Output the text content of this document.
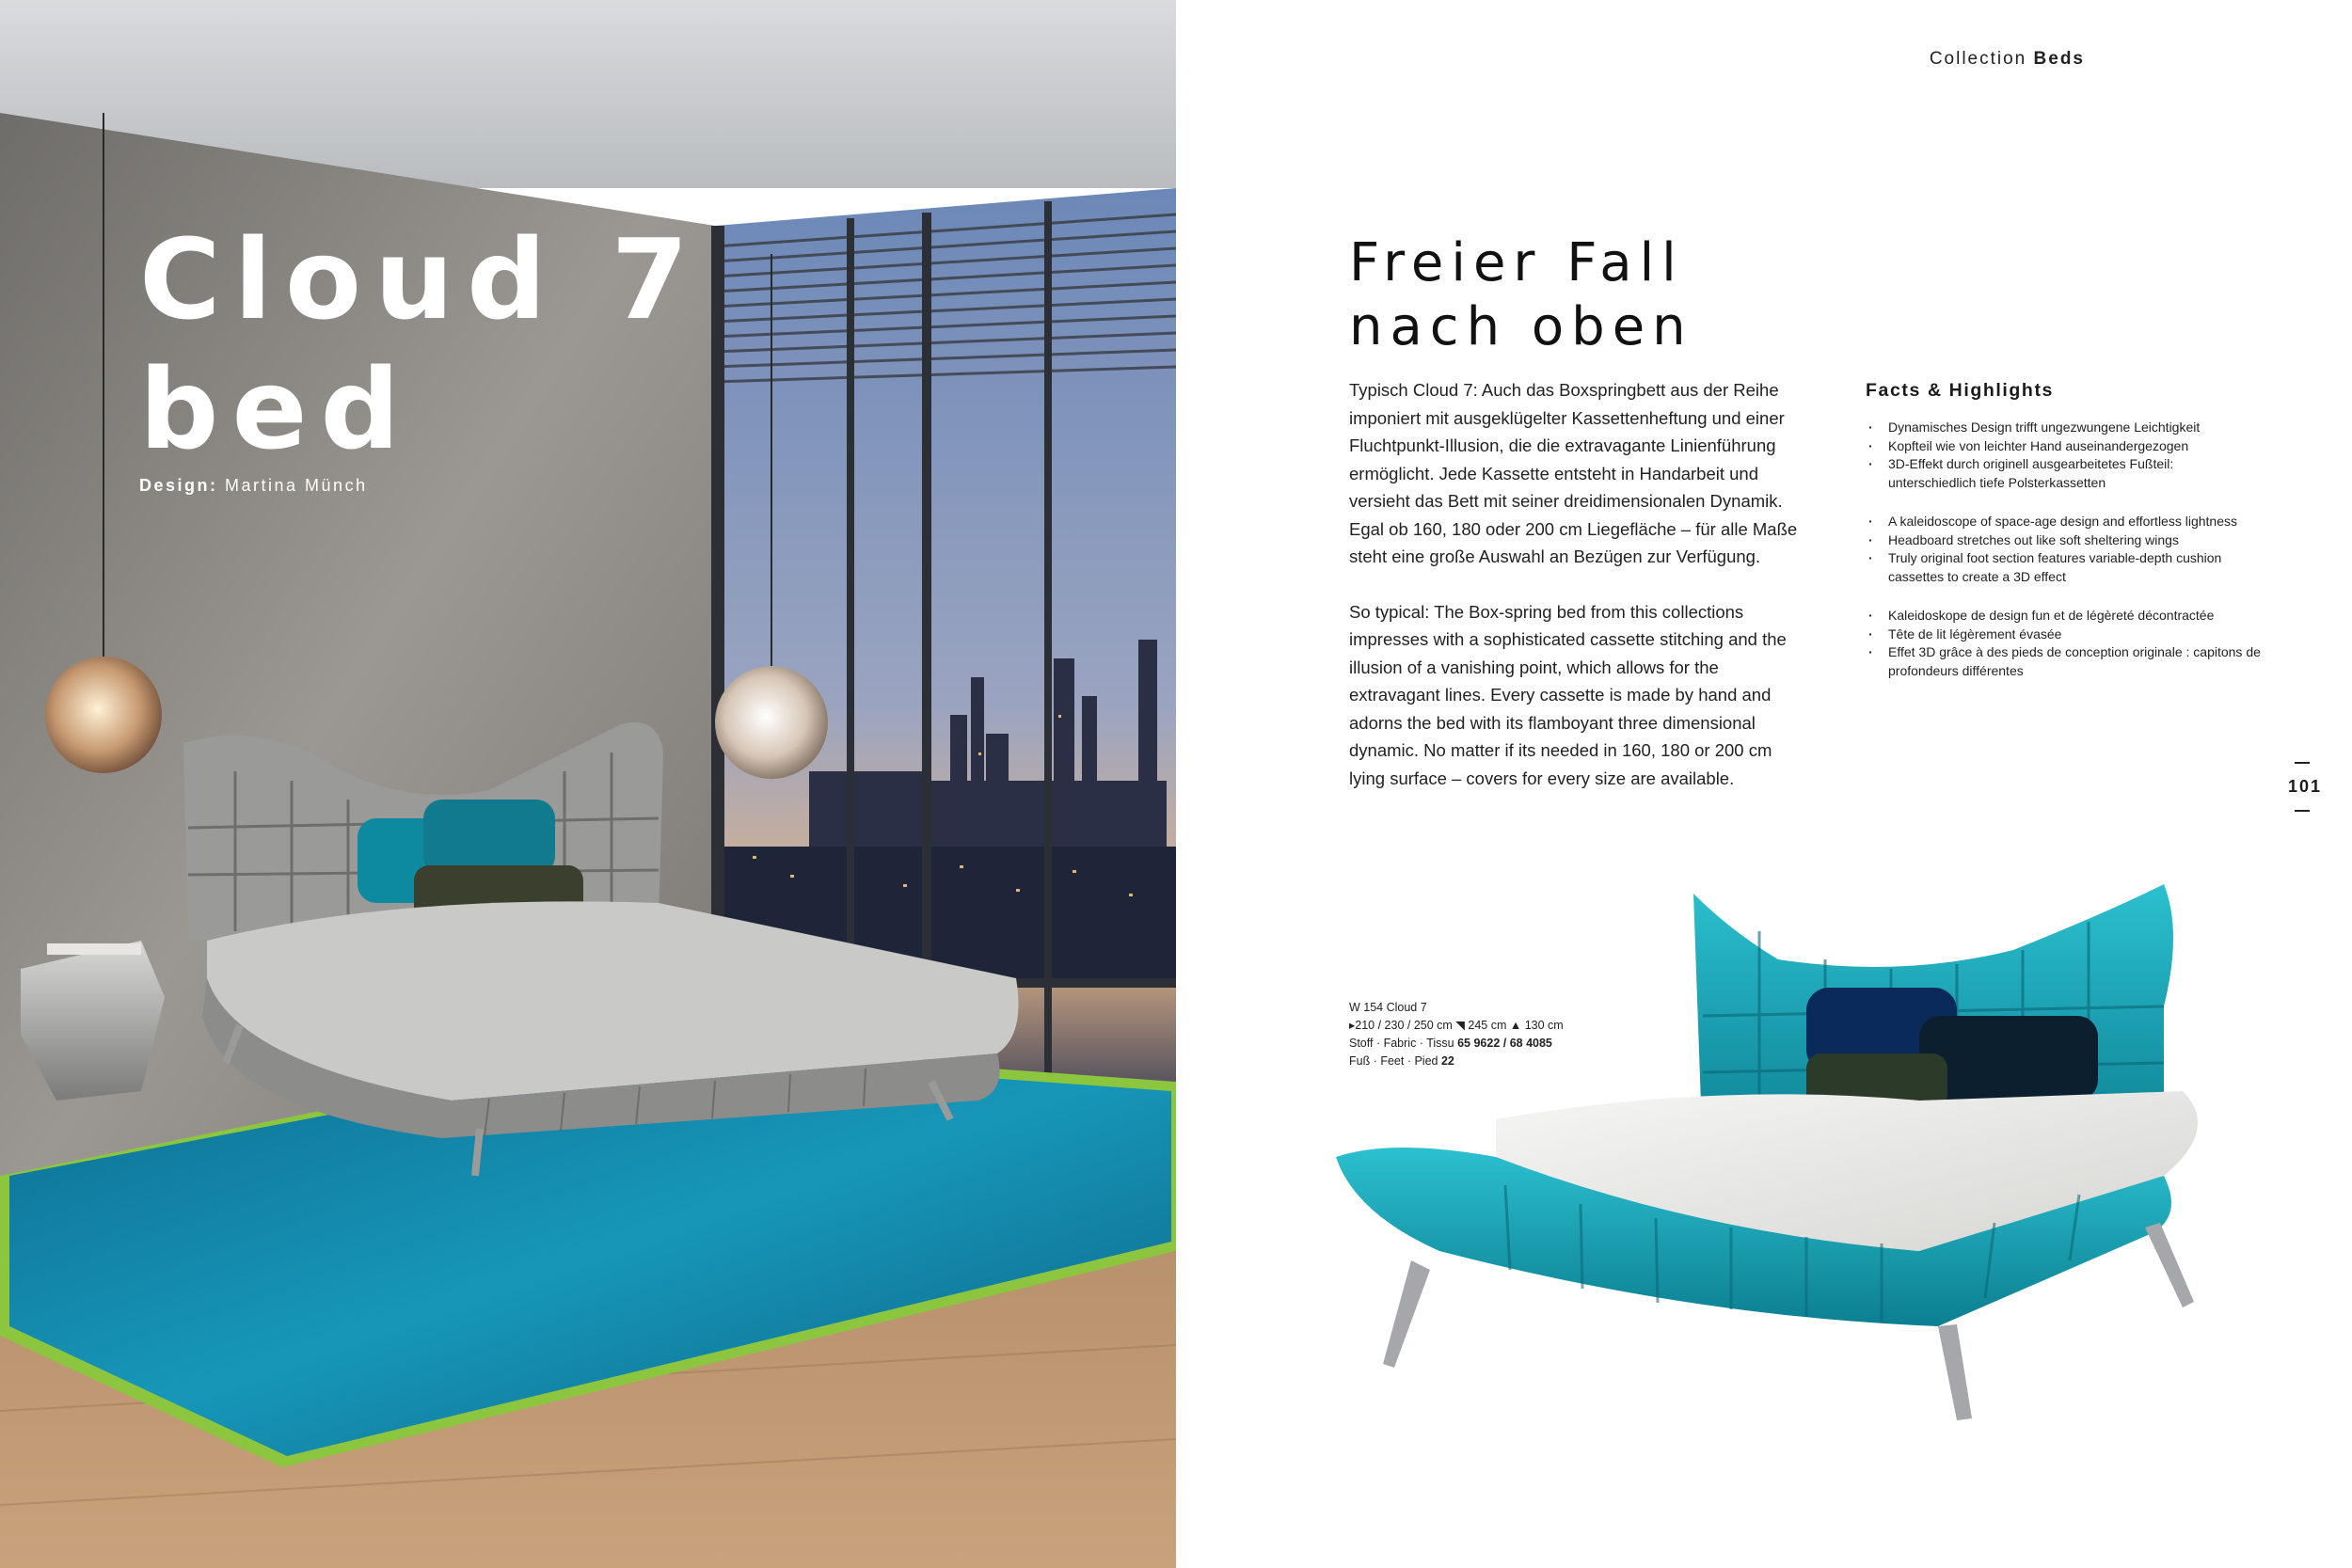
Cloud 7
bed
Design: Martina Münch
Collection Beds
Freier Fall
nach oben

Typisch Cloud 7: Auch das Boxspringbett aus der Reihe imponiert mit ausgeklügelter Kassettenheftung und einer Fluchtpunkt-Illusion, die die extravagante Linienführung ermöglicht. Jede Kassette entsteht in Handarbeit und versieht das Bett mit seiner dreidimensionalen Dynamik. Egal ob 160, 180 oder 200 cm Liegefläche – für alle Maße steht eine große Auswahl an Bezügen zur Verfügung.

So typical: The Box-spring bed from this collections impresses with a sophisticated cassette stitching and the illusion of a vanishing point, which allows for the extravagant lines. Every cassette is made by hand and adorns the bed with its flamboyant three dimensional dynamic. No matter if its needed in 160, 180 or 200 cm lying surface – covers for every size are available.

Facts & Highlights
· Dynamisches Design trifft ungezwungene Leichtigkeit
· Kopfteil wie von leichter Hand auseinandergezogen
· 3D-Effekt durch originell ausgearbeitetes Fußteil: unterschiedlich tiefe Polsterkassetten
· A kaleidoscope of space-age design and effortless lightness
· Headboard stretches out like soft sheltering wings
· Truly original foot section features variable-depth cushion cassettes to create a 3D effect
· Kaleidoskope de design fun et de légèreté décontractée
· Tête de lit légèrement évasée
· Effet 3D grâce à des pieds de conception originale : capitons de profondeurs différentes
101
W 154 Cloud 7
▸210 / 230 / 250 cm ◥ 245 cm ▲ 130 cm
Stoff · Fabric · Tissu 65 9622 / 68 4085
Fuß · Feet · Pied 22
